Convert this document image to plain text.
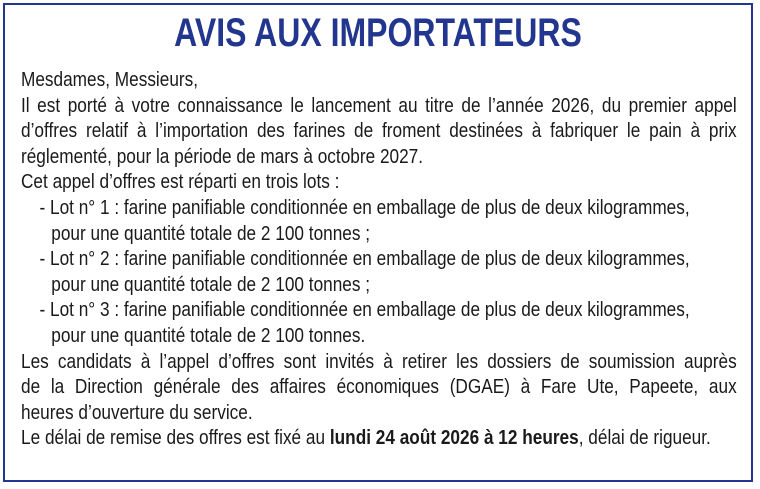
AVIS AUX IMPORTATEURS
Mesdames, Messieurs,
Il est porté à votre connaissance le lancement au titre de l’année 2026, du premier appel
d’offres relatif à l’importation des farines de froment destinées à fabriquer le pain à prix
réglementé, pour la période de mars à octobre 2027.
Cet appel d’offres est réparti en trois lots :
- Lot n° 1 : farine panifiable conditionnée en emballage de plus de deux kilogrammes,
pour une quantité totale de 2 100 tonnes ;
- Lot n° 2 : farine panifiable conditionnée en emballage de plus de deux kilogrammes,
pour une quantité totale de 2 100 tonnes ;
- Lot n° 3 : farine panifiable conditionnée en emballage de plus de deux kilogrammes,
pour une quantité totale de 2 100 tonnes.
Les candidats à l’appel d’offres sont invités à retirer les dossiers de soumission auprès
de la Direction générale des affaires économiques (DGAE) à Fare Ute, Papeete, aux
heures d’ouverture du service.
Le délai de remise des offres est fixé au lundi 24 août 2026 à 12 heures, délai de rigueur.
